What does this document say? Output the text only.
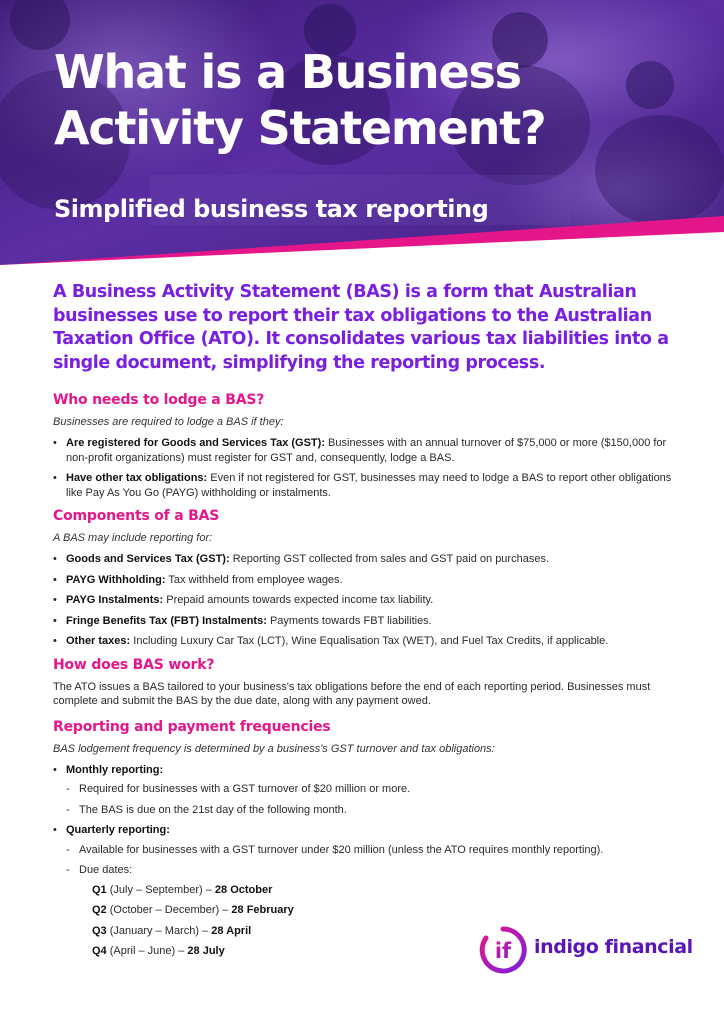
What is a Business
Activity Statement?

Simplified business tax reporting

A Business Activity Statement (BAS) is a form that Australian businesses use to report their tax obligations to the Australian Taxation Office (ATO). It consolidates various tax liabilities into a single document, simplifying the reporting process.

Who needs to lodge a BAS?

Businesses are required to lodge a BAS if they:

• Are registered for Goods and Services Tax (GST): Businesses with an annual turnover of $75,000 or more ($150,000 for non-profit organizations) must register for GST and, consequently, lodge a BAS.
• Have other tax obligations: Even if not registered for GST, businesses may need to lodge a BAS to report other obligations like Pay As You Go (PAYG) withholding or instalments.
Components of a BAS

A BAS may include reporting for:

• Goods and Services Tax (GST): Reporting GST collected from sales and GST paid on purchases.
• PAYG Withholding: Tax withheld from employee wages.
• PAYG Instalments: Prepaid amounts towards expected income tax liability.
• Fringe Benefits Tax (FBT) Instalments: Payments towards FBT liabilities.
• Other taxes: Including Luxury Car Tax (LCT), Wine Equalisation Tax (WET), and Fuel Tax Credits, if applicable.
How does BAS work?

The ATO issues a BAS tailored to your business's tax obligations before the end of each reporting period. Businesses must complete and submit the BAS by the due date, along with any payment owed.

Reporting and payment frequencies

BAS lodgement frequency is determined by a business's GST turnover and tax obligations:

• Monthly reporting:
- Required for businesses with a GST turnover of $20 million or more.
- The BAS is due on the 21st day of the following month.
• Quarterly reporting:
- Available for businesses with a GST turnover under $20 million (unless the ATO requires monthly reporting).
- Due dates:
Q1 (July – September) – 28 October
Q2 (October – December) – 28 February
Q3 (January – March) – 28 April
Q4 (April – June) – 28 July	if indigo financial
